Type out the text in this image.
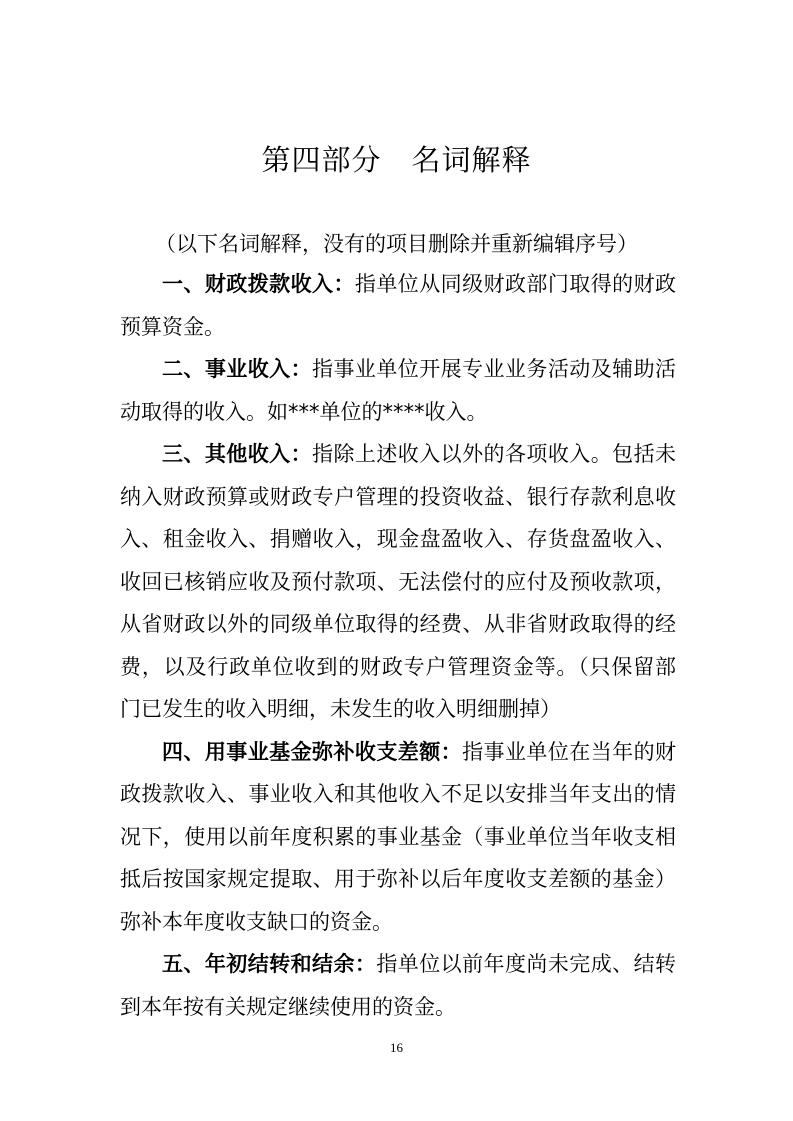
第四部分　名词解释
（以下名词解释，没有的项目删除并重新编辑序号）

一、财政拨款收入：指单位从同级财政部门取得的财政预算资金。

二、事业收入：指事业单位开展专业业务活动及辅助活动取得的收入。如***单位的****收入。

三、其他收入：指除上述收入以外的各项收入。包括未纳入财政预算或财政专户管理的投资收益、银行存款利息收入、租金收入、捐赠收入，现金盘盈收入、存货盘盈收入、收回已核销应收及预付款项、无法偿付的应付及预收款项，从省财政以外的同级单位取得的经费、从非省财政取得的经费，以及行政单位收到的财政专户管理资金等。（只保留部门已发生的收入明细，未发生的收入明细删掉）

四、用事业基金弥补收支差额：指事业单位在当年的财政拨款收入、事业收入和其他收入不足以安排当年支出的情况下，使用以前年度积累的事业基金（事业单位当年收支相抵后按国家规定提取、用于弥补以后年度收支差额的基金）弥补本年度收支缺口的资金。

五、年初结转和结余：指单位以前年度尚未完成、结转到本年按有关规定继续使用的资金。

16
